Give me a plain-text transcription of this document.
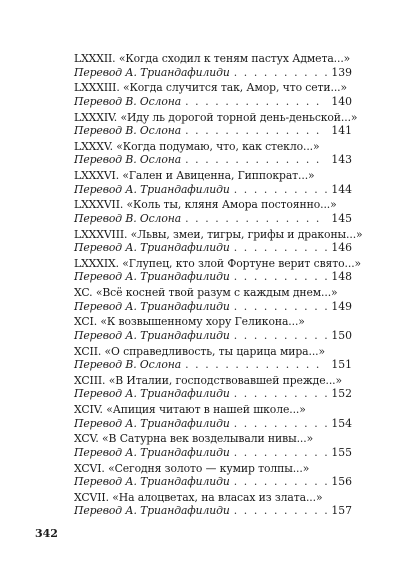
LXXXII. «Когда сходил к теням пастух Адмета...»
Перевод А. Триандафилиди . . .	139
LXXXIII. «Когда случится так, Амор, что сети...»
Перевод В. Ослона . . .	140
LXXXIV. «Иду ль дорогой торной день-деньской...»
Перевод В. Ослона . . .	141
LXXXV. «Когда подумаю, что, как стекло...»
Перевод В. Ослона . . .	143
LXXXVI. «Гален и Авиценна, Гиппократ...»
Перевод А. Триандафилиди . . .	144
LXXXVII. «Коль ты, кляня Амора постоянно...»
Перевод В. Ослона . . .	145
LXXXVIII. «Львы, змеи, тигры, грифы и драконы...»
Перевод А. Триандафилиди . . .	146
LXXXIX. «Глупец, кто злой Фортуне верит свято...»
Перевод А. Триандафилиди . . .	148
XC. «Всё косней твой разум с каждым днем...»
Перевод А. Триандафилиди . . .	149
XCI. «К возвышенному хору Геликона...»
Перевод А. Триандафилиди . . .	150
XCII. «О справедливость, ты царица мира...»
Перевод В. Ослона . . .	151
XCIII. «В Италии, господствовавшей прежде...»
Перевод А. Триандафилиди . . .	152
XCIV. «Апиция читают в нашей школе...»
Перевод А. Триандафилиди . . .	154
XCV. «В Сатурна век возделывали нивы...»
Перевод А. Триандафилиди . . .	155
XCVI. «Сегодня золото — кумир толпы...»
Перевод А. Триандафилиди . . .	156
XCVII. «На алоцветах, на власах из злата...»
Перевод А. Триандафилиди . . .	157
342
